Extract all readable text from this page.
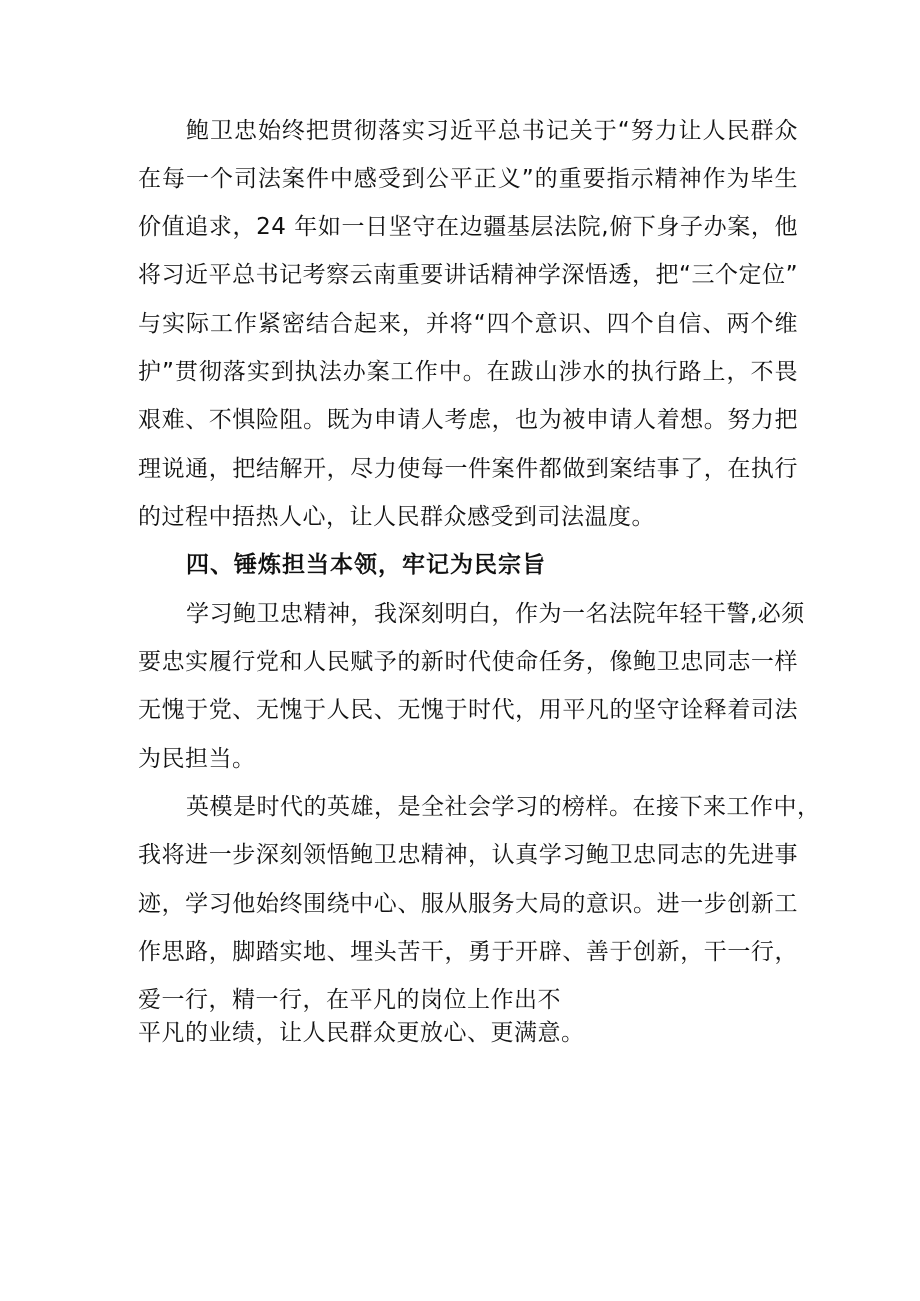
鲍卫忠始终把贯彻落实习近平总书记关于“努力让人民群众
在每一个司法案件中感受到公平正义”的重要指示精神作为毕生
价值追求，24 年如一日坚守在边疆基层法院,俯下身子办案，他
将习近平总书记考察云南重要讲话精神学深悟透，把“三个定位”
与实际工作紧密结合起来，并将“四个意识、四个自信、两个维
护”贯彻落实到执法办案工作中。在跋山涉水的执行路上，不畏
艰难、不惧险阻。既为申请人考虑，也为被申请人着想。努力把
理说通，把结解开，尽力使每一件案件都做到案结事了，在执行
的过程中捂热人心，让人民群众感受到司法温度。
四、锤炼担当本领，牢记为民宗旨
学习鲍卫忠精神，我深刻明白，作为一名法院年轻干警,必须
要忠实履行党和人民赋予的新时代使命任务，像鲍卫忠同志一样
无愧于党、无愧于人民、无愧于时代，用平凡的坚守诠释着司法
为民担当。
英模是时代的英雄，是全社会学习的榜样。在接下来工作中，
我将进一步深刻领悟鲍卫忠精神，认真学习鲍卫忠同志的先进事
迹，学习他始终围绕中心、服从服务大局的意识。进一步创新工
作思路，脚踏实地、埋头苦干，勇于开辟、善于创新，干一行，
爱一行，精一行，在平凡的岗位上作出不
平凡的业绩，让人民群众更放心、更满意。
